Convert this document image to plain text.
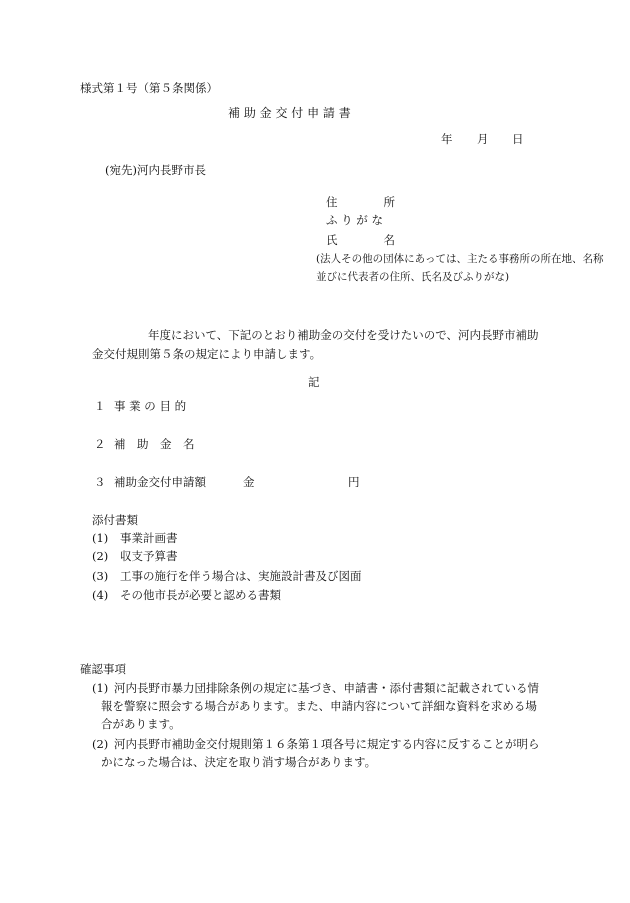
様式第１号（第５条関係）
補 助 金 交 付 申 請 書
年 月 日
(宛先)河内長野市長
住　　　　所
ふ り が な
氏　　　　名
(法人その他の団体にあっては、主たる事務所の所在地、名称
並びに代表者の住所、氏名及びふりがな)
年度において、下記のとおり補助金の交付を受けたいので、河内長野市補助
金交付規則第５条の規定により申請します。
記
１ 事 業 の 目 的
２ 補　助　金　名
３ 補助金交付申請額	金	円
添付書類
(1) 事業計画書
(2) 収支予算書
(3) 工事の施行を伴う場合は、実施設計書及び図面
(4) その他市長が必要と認める書類
確認事項
(1) 河内長野市暴力団排除条例の規定に基づき、申請書・添付書類に記載されている情
報を警察に照会する場合があります。また、申請内容について詳細な資料を求める場
合があります。
(2) 河内長野市補助金交付規則第１６条第１項各号に規定する内容に反することが明ら
かになった場合は、決定を取り消す場合があります。
